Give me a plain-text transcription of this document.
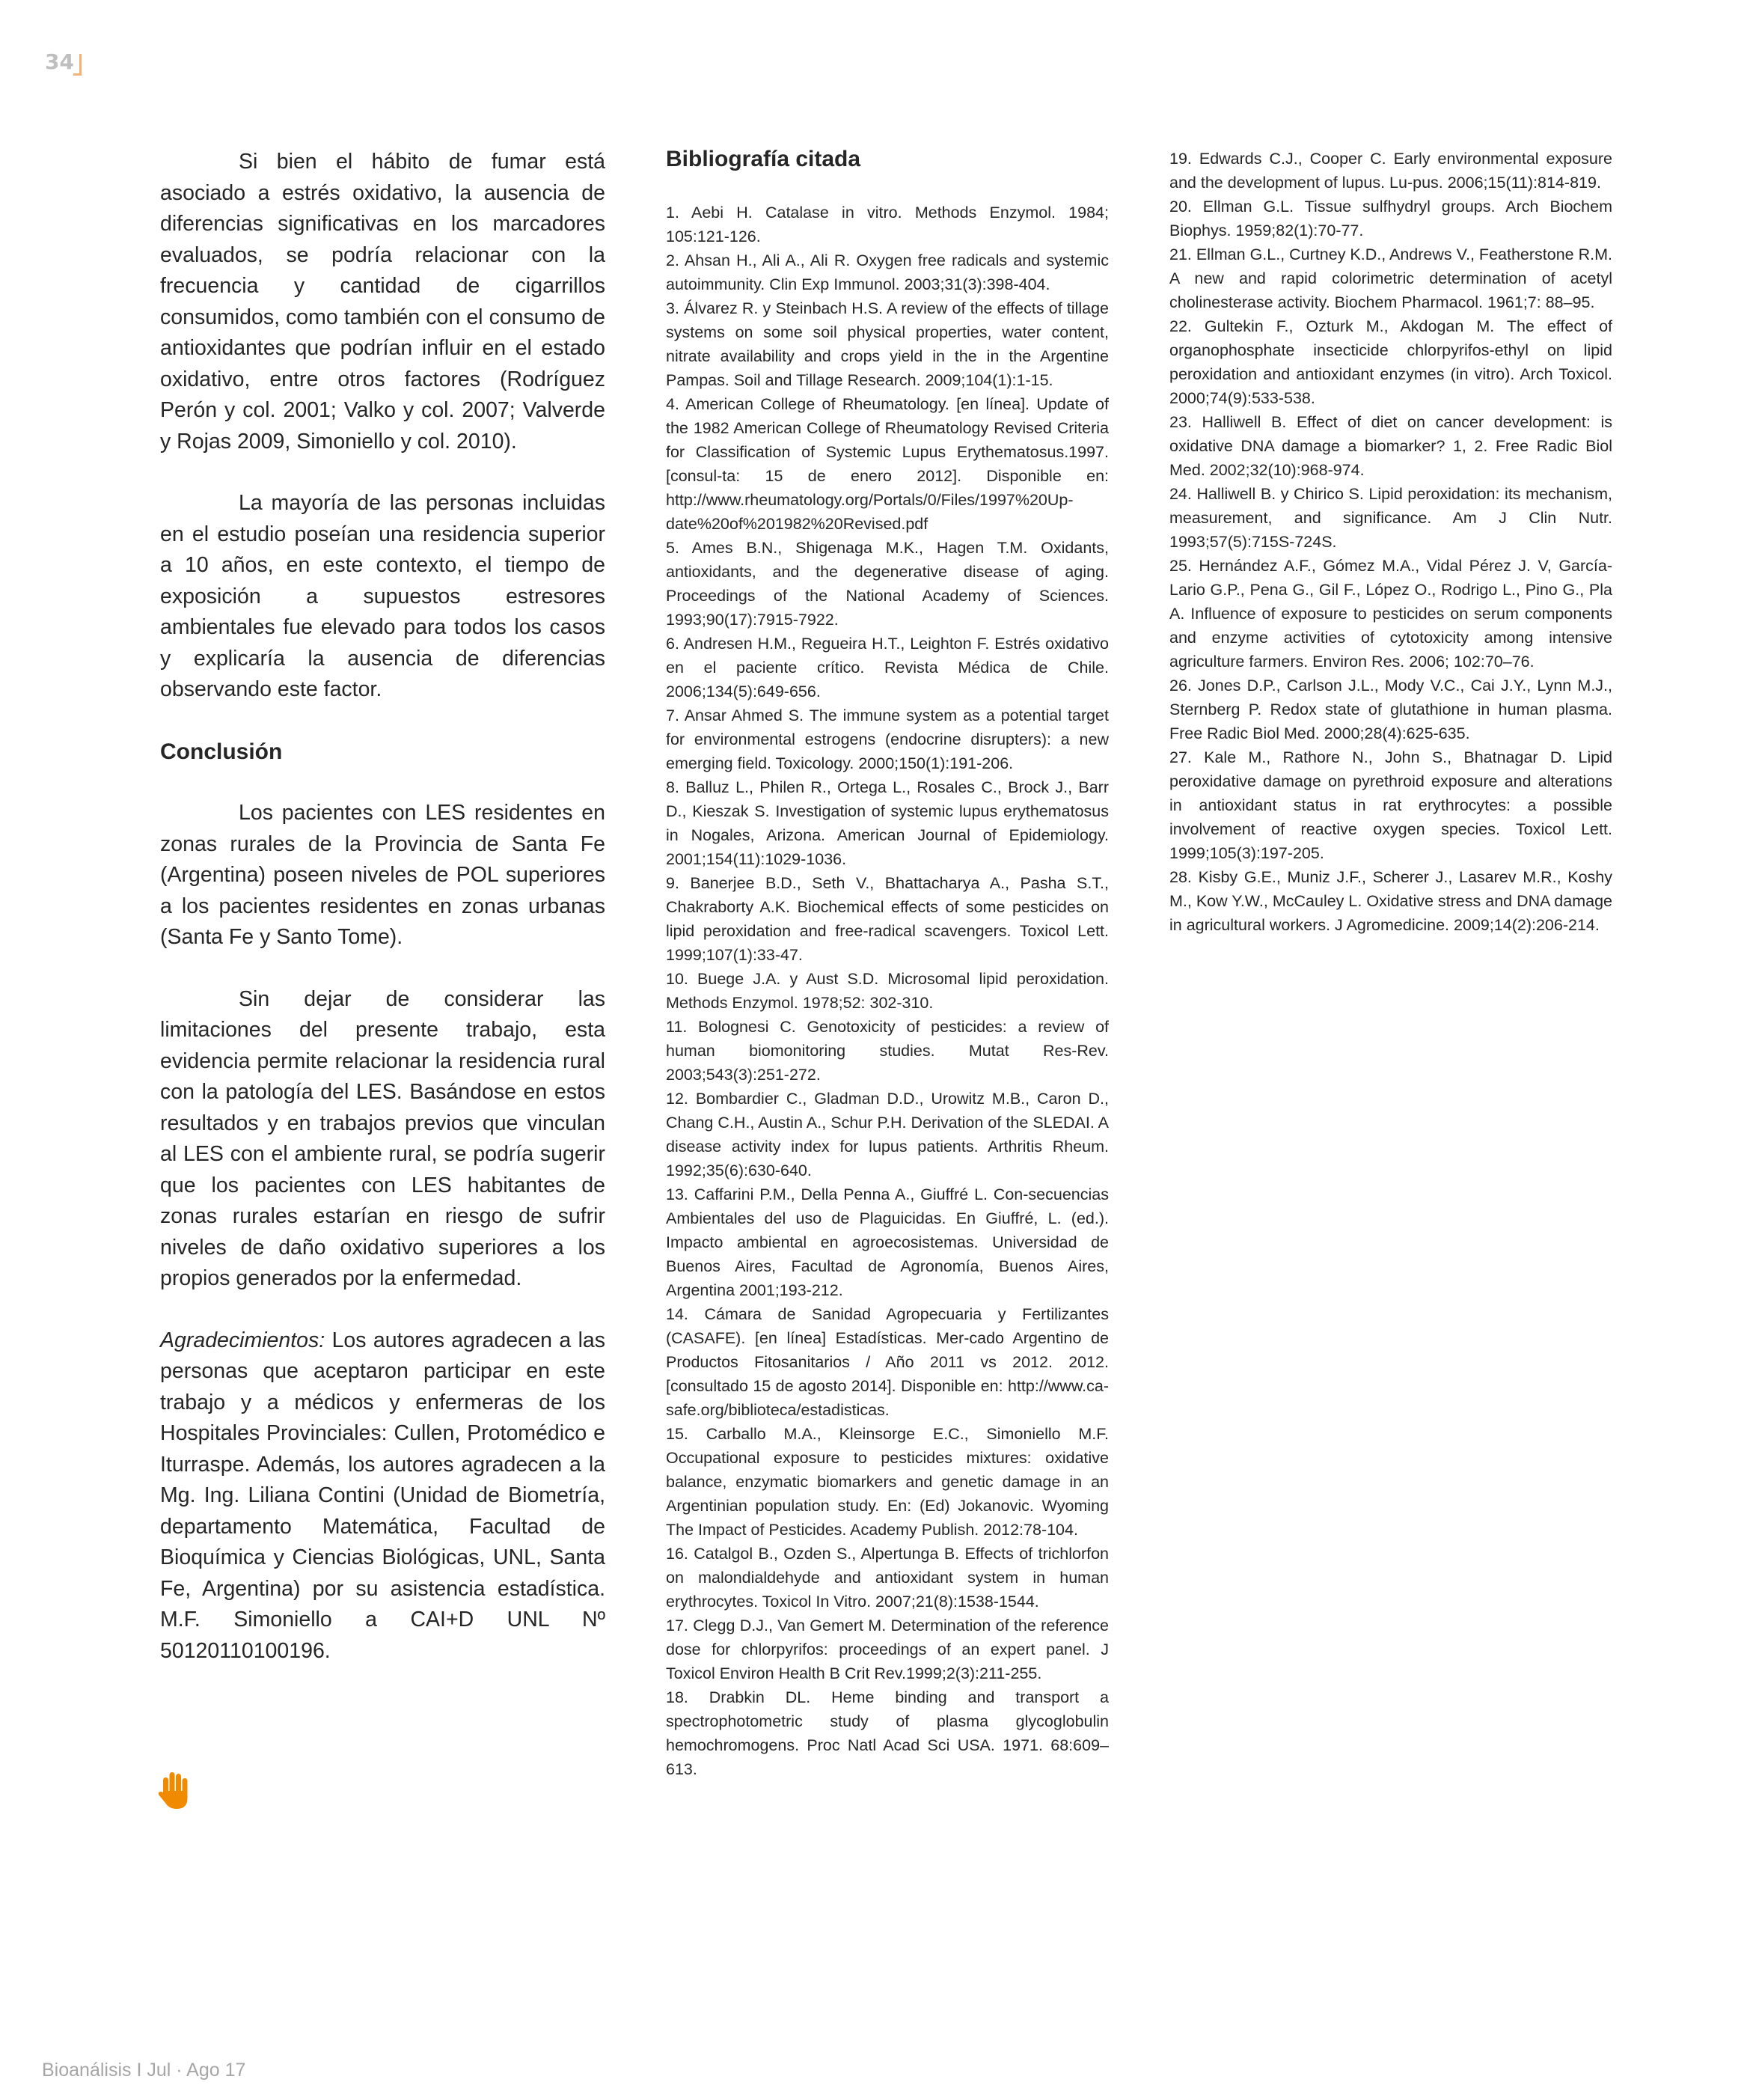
34

Si bien el hábito de fumar está asociado a estrés oxidativo, la ausencia de diferencias significativas en los marcadores evaluados, se podría relacionar con la frecuencia y cantidad de cigarrillos consumidos, como también con el consumo de antioxidantes que podrían influir en el estado oxidativo, entre otros factores (Rodríguez Perón y col. 2001; Valko y col. 2007; Valverde y Rojas 2009, Simoniello y col. 2010).

La mayoría de las personas incluidas en el estudio poseían una residencia superior a 10 años, en este contexto, el tiempo de exposición a supuestos estresores ambientales fue elevado para todos los casos y explicaría la ausencia de diferencias observando este factor.

Conclusión

Los pacientes con LES residentes en zonas rurales de la Provincia de Santa Fe (Argentina) poseen niveles de POL superiores a los pacientes residentes en zonas urbanas (Santa Fe y Santo Tome).

Sin dejar de considerar las limitaciones del presente trabajo, esta evidencia permite relacionar la residencia rural con la patología del LES. Basándose en estos resultados y en trabajos previos que vinculan al LES con el ambiente rural, se podría sugerir que los pacientes con LES habitantes de zonas rurales estarían en riesgo de sufrir niveles de daño oxidativo superiores a los propios generados por la enfermedad.

Agradecimientos: Los autores agradecen a las personas que aceptaron participar en este trabajo y a médicos y enfermeras de los Hospitales Provinciales: Cullen, Protomédico e Iturraspe. Además, los autores agradecen a la Mg. Ing. Liliana Contini (Unidad de Biometría, departamento Matemática, Facultad de Bioquímica y Ciencias Biológicas, UNL, Santa Fe, Argentina) por su asistencia estadística. M.F. Simoniello a CAI+D UNL Nº 50120110100196.

Bibliografía citada

1. Aebi H. Catalase in vitro. Methods Enzymol. 1984; 105:121-126.
2. Ahsan H., Ali A., Ali R. Oxygen free radicals and systemic autoimmunity. Clin Exp Immunol. 2003;31(3):398-404.
3. Álvarez R. y Steinbach H.S. A review of the effects of tillage systems on some soil physical properties, water content, nitrate availability and crops yield in the in the Argentine Pampas. Soil and Tillage Research. 2009;104(1):1-15.
4. American College of Rheumatology. [en línea]. Update of the 1982 American College of Rheumatology Revised Criteria for Classification of Systemic Lupus Erythematosus.1997. [consul-ta: 15 de enero 2012]. Disponible en: http://www.rheumatology.org/Portals/0/Files/1997%20Up-date%20of%201982%20Revised.pdf
5. Ames B.N., Shigenaga M.K., Hagen T.M. Oxidants, antioxidants, and the degenerative disease of aging. Proceedings of the National Academy of Sciences. 1993;90(17):7915-7922.
6. Andresen H.M., Regueira H.T., Leighton F. Estrés oxidativo en el paciente crítico. Revista Médica de Chile. 2006;134(5):649-656.
7. Ansar Ahmed S. The immune system as a potential target for environmental estrogens (endocrine disrupters): a new emerging field. Toxicology. 2000;150(1):191-206.
8. Balluz L., Philen R., Ortega L., Rosales C., Brock J., Barr D., Kieszak S. Investigation of systemic lupus erythematosus in Nogales, Arizona. American Journal of Epidemiology. 2001;154(11):1029-1036.
9. Banerjee B.D., Seth V., Bhattacharya A., Pasha S.T., Chakraborty A.K. Biochemical effects of some pesticides on lipid peroxidation and free-radical scavengers. Toxicol Lett. 1999;107(1):33-47.
10. Buege J.A. y Aust S.D. Microsomal lipid peroxidation. Methods Enzymol. 1978;52: 302-310.
11. Bolognesi C. Genotoxicity of pesticides: a review of human biomonitoring studies. Mutat Res-Rev. 2003;543(3):251-272.
12. Bombardier C., Gladman D.D., Urowitz M.B., Caron D., Chang C.H., Austin A., Schur P.H. Derivation of the SLEDAI. A disease activity index for lupus patients. Arthritis Rheum. 1992;35(6):630-640.
13. Caffarini P.M., Della Penna A., Giuffré L. Con-secuencias Ambientales del uso de Plaguicidas. En Giuffré, L. (ed.). Impacto ambiental en agroecosistemas. Universidad de Buenos Aires, Facultad de Agronomía, Buenos Aires, Argentina 2001;193-212.
14. Cámara de Sanidad Agropecuaria y Fertilizantes (CASAFE). [en línea] Estadísticas. Mer-cado Argentino de Productos Fitosanitarios / Año 2011 vs 2012. 2012. [consultado 15 de agosto 2014]. Disponible en: http://www.ca-safe.org/biblioteca/estadisticas.
15. Carballo M.A., Kleinsorge E.C., Simoniello M.F. Occupational exposure to pesticides mixtures: oxidative balance, enzymatic biomarkers and genetic damage in an Argentinian population study. En: (Ed) Jokanovic. Wyoming The Impact of Pesticides. Academy Publish. 2012:78-104.
16. Catalgol B., Ozden S., Alpertunga B. Effects of trichlorfon on malondialdehyde and antioxidant system in human erythrocytes. Toxicol In Vitro. 2007;21(8):1538-1544.
17. Clegg D.J., Van Gemert M. Determination of the reference dose for chlorpyrifos: proceedings of an expert panel. J Toxicol Environ Health B Crit Rev.1999;2(3):211-255.
18. Drabkin DL. Heme binding and transport a spectrophotometric study of plasma glycoglobulin hemochromogens. Proc Natl Acad Sci USA. 1971. 68:609–613.
19. Edwards C.J., Cooper C. Early environmental exposure and the development of lupus. Lu-pus. 2006;15(11):814-819.
20. Ellman G.L. Tissue sulfhydryl groups. Arch Biochem Biophys. 1959;82(1):70-77.
21. Ellman G.L., Curtney K.D., Andrews V., Featherstone R.M. A new and rapid colorimetric determination of acetyl cholinesterase activity. Biochem Pharmacol. 1961;7: 88–95.
22. Gultekin F., Ozturk M., Akdogan M. The effect of organophosphate insecticide chlorpyrifos-ethyl on lipid peroxidation and antioxidant enzymes (in vitro). Arch Toxicol. 2000;74(9):533-538.
23. Halliwell B. Effect of diet on cancer development: is oxidative DNA damage a biomarker? 1, 2. Free Radic Biol Med. 2002;32(10):968-974.
24. Halliwell B. y Chirico S. Lipid peroxidation: its mechanism, measurement, and significance. Am J Clin Nutr. 1993;57(5):715S-724S.
25. Hernández A.F., Gómez M.A., Vidal Pérez J. V, García-Lario G.P., Pena G., Gil F., López O., Rodrigo L., Pino G., Pla A. Influence of exposure to pesticides on serum components and enzyme activities of cytotoxicity among intensive agriculture farmers. Environ Res. 2006; 102:70–76.
26. Jones D.P., Carlson J.L., Mody V.C., Cai J.Y., Lynn M.J., Sternberg P. Redox state of glutathione in human plasma. Free Radic Biol Med. 2000;28(4):625-635.
27. Kale M., Rathore N., John S., Bhatnagar D. Lipid peroxidative damage on pyrethroid exposure and alterations in antioxidant status in rat erythrocytes: a possible involvement of reactive oxygen species. Toxicol Lett. 1999;105(3):197-205.
28. Kisby G.E., Muniz J.F., Scherer J., Lasarev M.R., Koshy M., Kow Y.W., McCauley L. Oxidative stress and DNA damage in agricultural workers. J Agromedicine. 2009;14(2):206-214.
Bioanálisis I Jul · Ago 17
